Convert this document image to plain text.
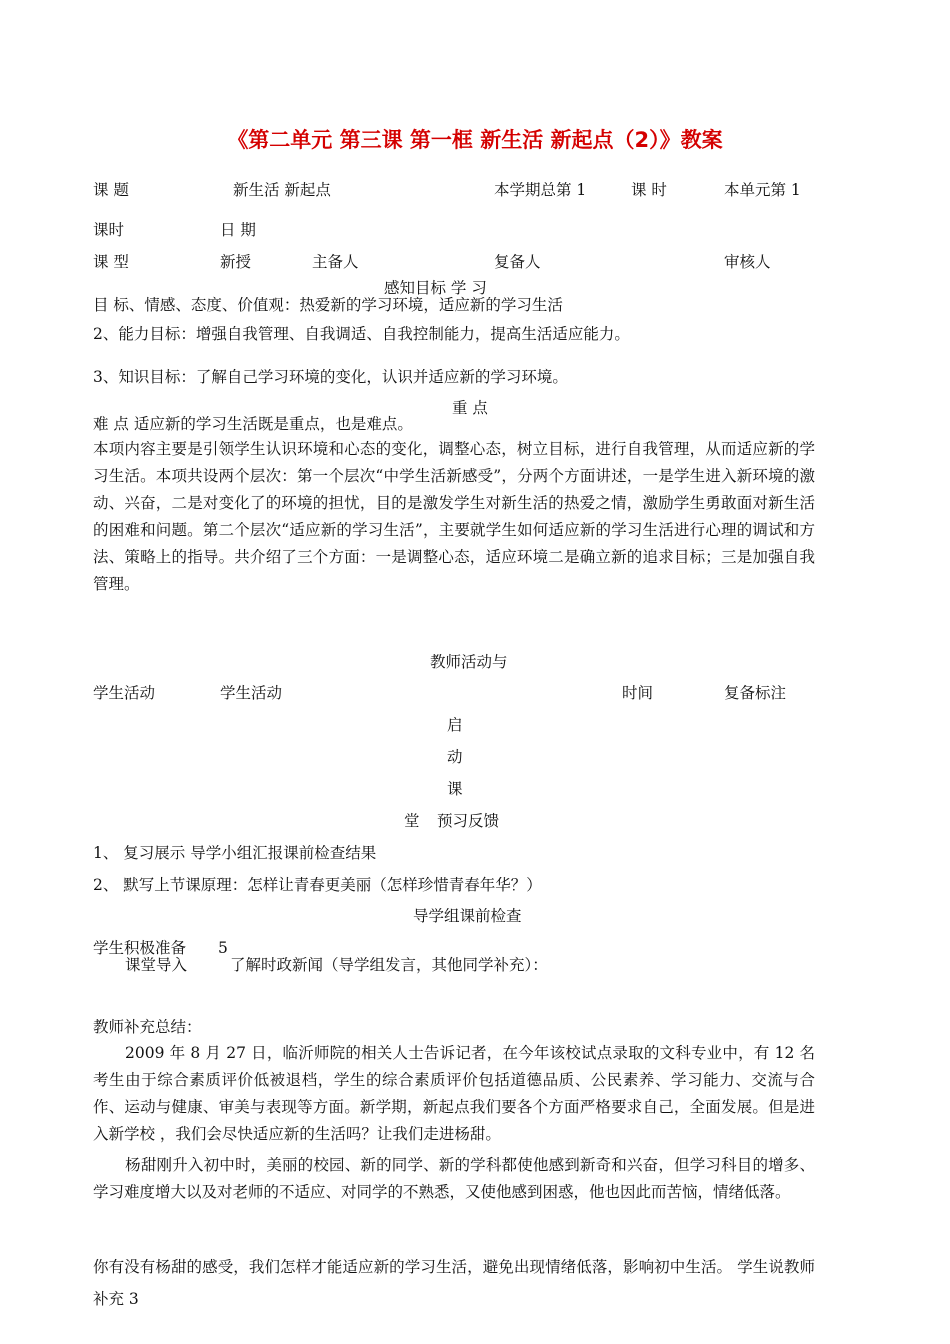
《第二单元 第三课 第一框 新生活 新起点（2）》教案
课 题	新生活 新起点	本学期总第 1	课 时	本单元第 1
课时	日 期
课 型	新授	主备人	复备人	审核人
感知目标 学 习
目 标、情感、态度、价值观：热爱新的学习环境，适应新的学习生活
2、能力目标：增强自我管理、自我调适、自我控制能力，提高生活适应能力。
3、知识目标：了解自己学习环境的变化，认识并适应新的学习环境。
重 点
难 点 适应新的学习生活既是重点，也是难点。
本项内容主要是引领学生认识环境和心态的变化，调整心态，树立目标，进行自我管理，从而适应新的学习生活。本项共设两个层次：第一个层次“中学生活新感受”，分两个方面讲述，一是学生进入新环境的激动、兴奋，二是对变化了的环境的担忧，目的是激发学生对新生活的热爱之情，激励学生勇敢面对新生活的困难和问题。第二个层次“适应新的学习生活”，主要就学生如何适应新的学习生活进行心理的调试和方法、策略上的指导。共介绍了三个方面：一是调整心态，适应环境二是确立新的追求目标；三是加强自我管理。
教师活动与
学生活动	学生活动	时间	复备标注
启
动
课
堂 预习反馈
1、 复习展示 导学小组汇报课前检查结果
2、 默写上节课原理：怎样让青春更美丽（怎样珍惜青春年华？）
导学组课前检查
学生积极准备 5
课堂导入	了解时政新闻（导学组发言，其他同学补充）：
教师补充总结：
2009 年 8 月 27 日，临沂师院的相关人士告诉记者，在今年该校试点录取的文科专业中，有 12 名考生由于综合素质评价低被退档，学生的综合素质评价包括道德品质、公民素养、学习能力、交流与合作、运动与健康、审美与表现等方面。新学期，新起点我们要各个方面严格要求自己，全面发展。但是进入新学校 ，我们会尽快适应新的生活吗？让我们走进杨甜。
杨甜刚升入初中时，美丽的校园、新的同学、新的学科都使他感到新奇和兴奋，但学习科目的增多、学习难度增大以及对老师的不适应、对同学的不熟悉，又使他感到困惑，他也因此而苦恼，情绪低落。
你有没有杨甜的感受，我们怎样才能适应新的学习生活，避免出现情绪低落，影响初中生活。 学生说教师补充 3
